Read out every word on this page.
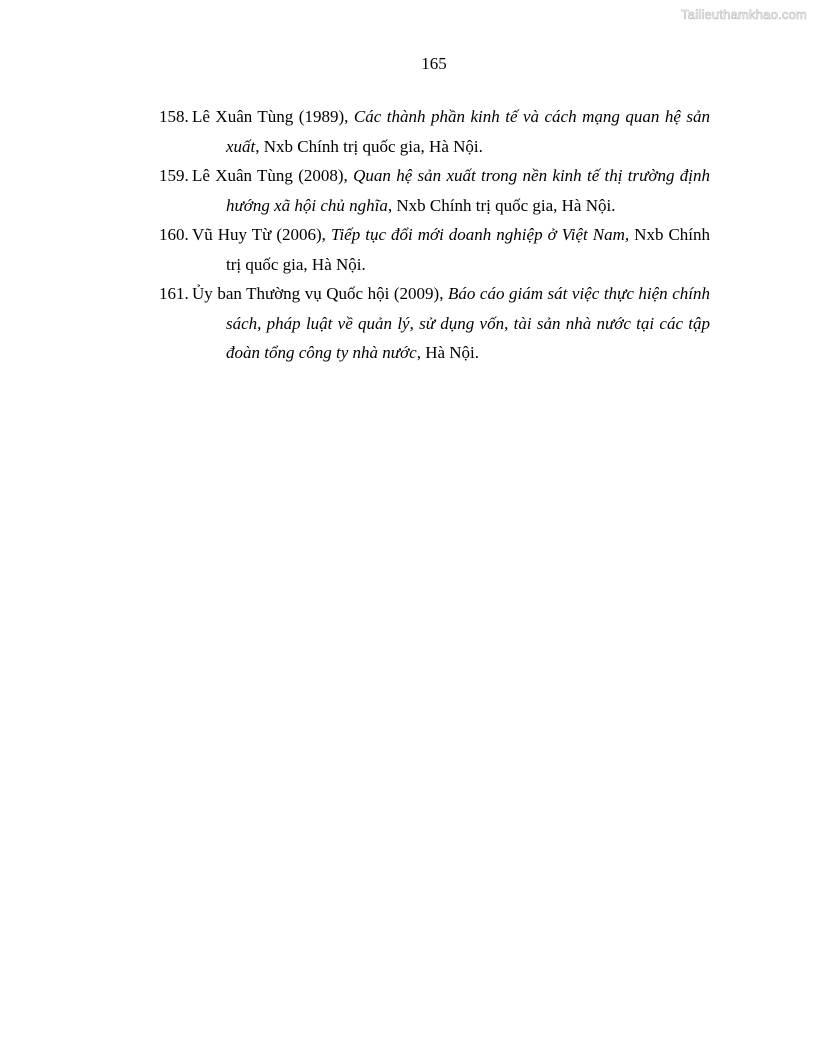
Tailieuthamkhao.com
165
158. Lê Xuân Tùng (1989), Các thành phần kinh tế và cách mạng quan hệ sản xuất, Nxb Chính trị quốc gia, Hà Nội.
159. Lê Xuân Tùng (2008), Quan hệ sản xuất trong nền kinh tế thị trường định hướng xã hội chủ nghĩa, Nxb Chính trị quốc gia, Hà Nội.
160. Vũ Huy Từ (2006), Tiếp tục đổi mới doanh nghiệp ở Việt Nam, Nxb Chính trị quốc gia, Hà Nội.
161. Ủy ban Thường vụ Quốc hội (2009), Báo cáo giám sát việc thực hiện chính sách, pháp luật về quản lý, sử dụng vốn, tài sản nhà nước tại các tập đoàn tổng công ty nhà nước, Hà Nội.
